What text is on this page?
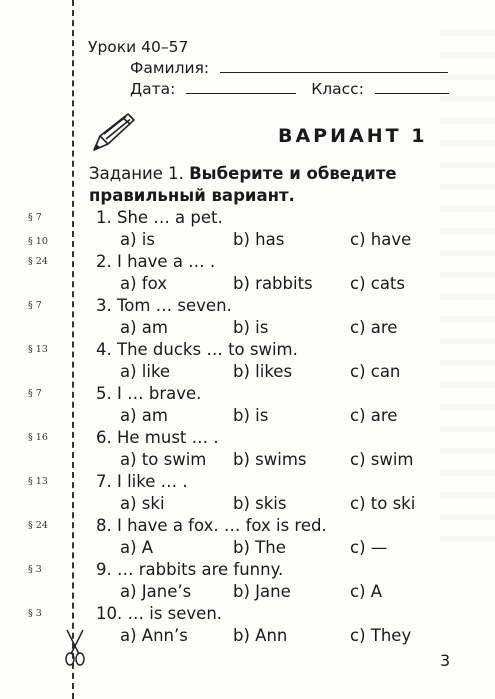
Уроки 40–57
Фамилия:
Дата:	Класс:
ВАРИАНТ 1
Задание 1. Выберите и обведите правильный вариант.
§ 7	1. She … a pet.
a) is	b) has	c) have
§ 10
§ 24	2. I have a … .
a) fox	b) rabbits c) cats
§ 7	3. Tom … seven.
a) am	b) is	c) are
§ 13	4. The ducks … to swim.
a) like	b) likes	c) can
§ 7	5. I … brave.
a) am	b) is	c) are
§ 16	6. He must … .
a) to swim b) swims	c) swim
§ 13	7. I like … .
a) ski	b) skis	c) to ski
§ 24	8. I have a fox. … fox is red.
a) A	b) The	c) —
§ 3	9. … rabbits are funny.
a) Jane’s	b) Jane	c) A
§ 3	10. … is seven.
a) Ann’s	b) Ann	c) They
3
